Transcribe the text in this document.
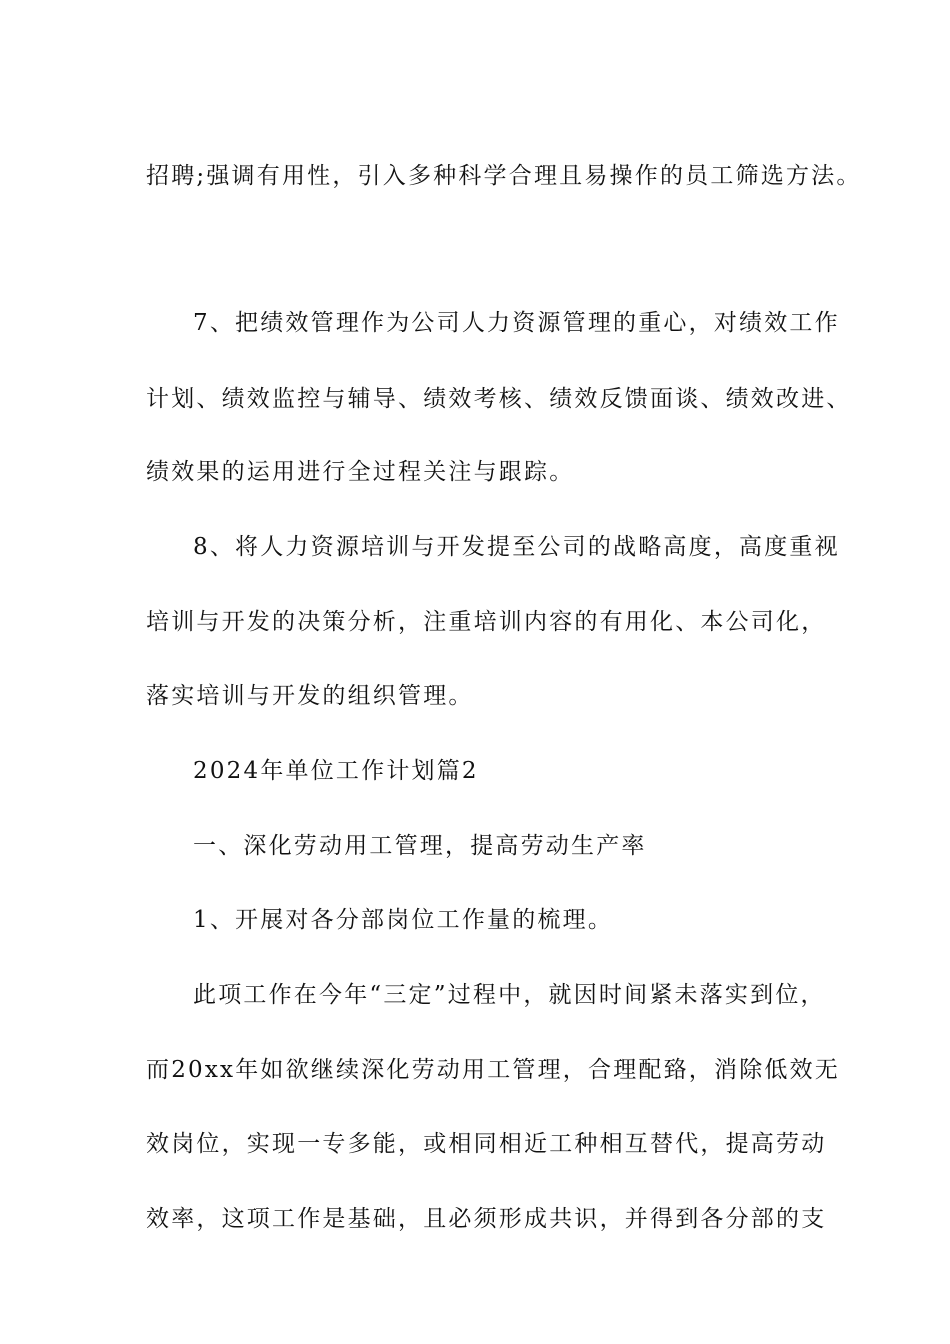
招聘;强调有用性，引入多种科学合理且易操作的员工筛选方法。

7、把绩效管理作为公司人力资源管理的重心，对绩效工作

计划、绩效监控与辅导、绩效考核、绩效反馈面谈、绩效改进、

绩效果的运用进行全过程关注与跟踪。

8、将人力资源培训与开发提至公司的战略高度，高度重视

培训与开发的决策分析，注重培训内容的有用化、本公司化，

落实培训与开发的组织管理。

2024年单位工作计划篇2

一、深化劳动用工管理，提高劳动生产率

1、开展对各分部岗位工作量的梳理。

此项工作在今年“三定”过程中，就因时间紧未落实到位，

而20xx年如欲继续深化劳动用工管理，合理配臵，消除低效无

效岗位，实现一专多能，或相同相近工种相互替代，提高劳动

效率，这项工作是基础，且必须形成共识，并得到各分部的支
